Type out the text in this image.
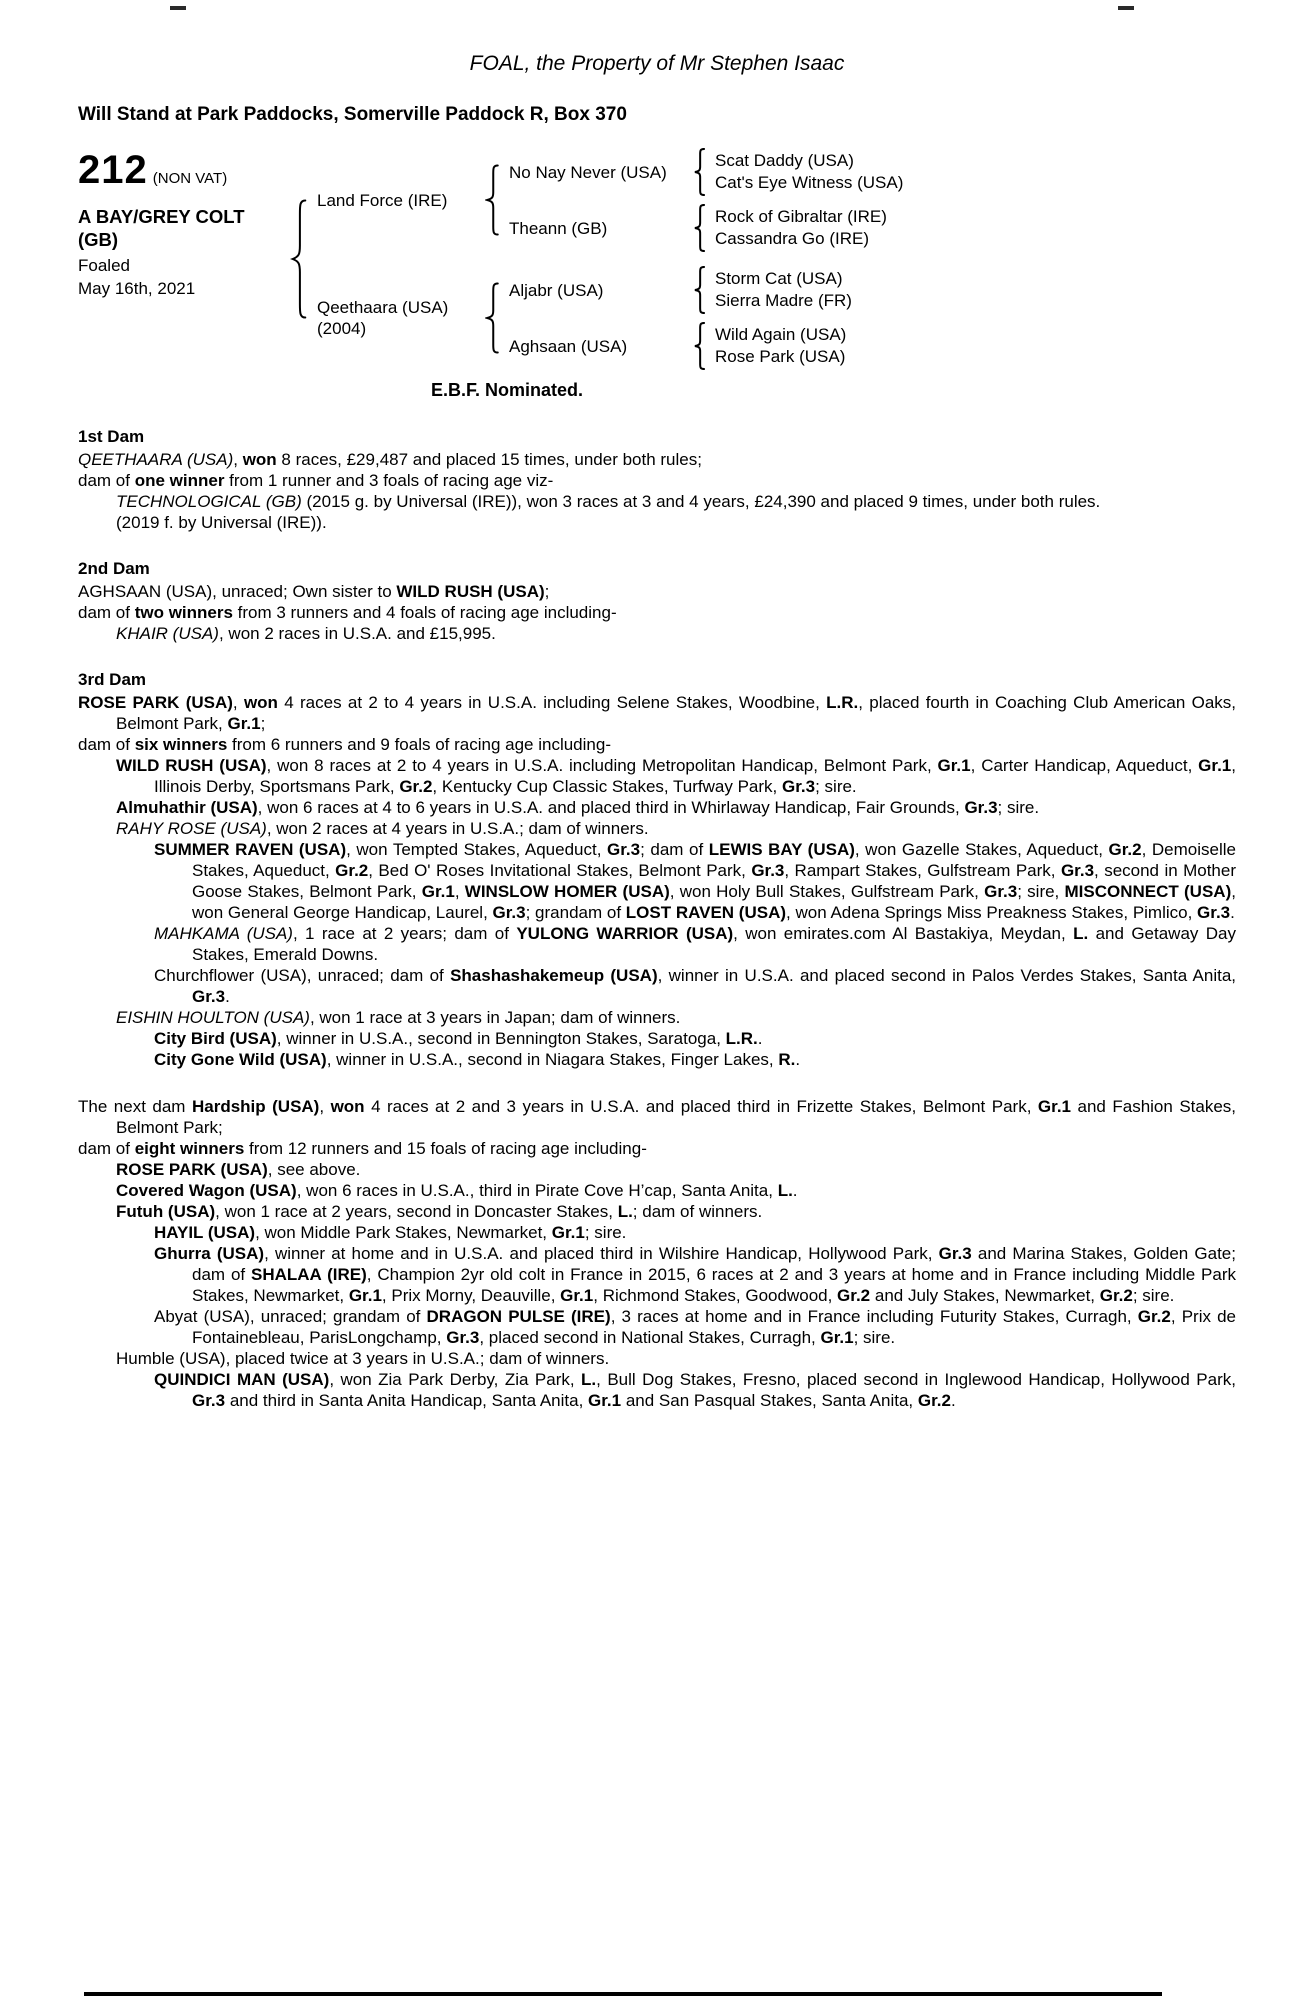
FOAL, the Property of Mr Stephen Isaac
Will Stand at Park Paddocks, Somerville Paddock R, Box 370
212 (NON VAT)
A BAY/GREY COLT
(GB)
Foaled
May 16th, 2021
Land Force (IRE)
No Nay Never (USA)
Scat Daddy (USA)
Cat's Eye Witness (USA)
Theann (GB)
Rock of Gibraltar (IRE)
Cassandra Go (IRE)
Qeethaara (USA)
(2004)
Aljabr (USA)
Storm Cat (USA)
Sierra Madre (FR)
Aghsaan (USA)
Wild Again (USA)
Rose Park (USA)
E.B.F. Nominated.
1st Dam

QEETHAARA (USA), won 8 races, £29,487 and placed 15 times, under both rules;

dam of one winner from 1 runner and 3 foals of racing age viz-

TECHNOLOGICAL (GB) (2015 g. by Universal (IRE)), won 3 races at 3 and 4 years, £24,390 and placed 9 times, under both rules.

(2019 f. by Universal (IRE)).

2nd Dam

AGHSAAN (USA), unraced; Own sister to WILD RUSH (USA);

dam of two winners from 3 runners and 4 foals of racing age including-

KHAIR (USA), won 2 races in U.S.A. and £15,995.

3rd Dam

ROSE PARK (USA), won 4 races at 2 to 4 years in U.S.A. including Selene Stakes, Woodbine, L.R., placed fourth in Coaching Club American Oaks, Belmont Park, Gr.1;

dam of six winners from 6 runners and 9 foals of racing age including-

WILD RUSH (USA), won 8 races at 2 to 4 years in U.S.A. including Metropolitan Handicap, Belmont Park, Gr.1, Carter Handicap, Aqueduct, Gr.1, Illinois Derby, Sportsmans Park, Gr.2, Kentucky Cup Classic Stakes, Turfway Park, Gr.3; sire.

Almuhathir (USA), won 6 races at 4 to 6 years in U.S.A. and placed third in Whirlaway Handicap, Fair Grounds, Gr.3; sire.

RAHY ROSE (USA), won 2 races at 4 years in U.S.A.; dam of winners.

SUMMER RAVEN (USA), won Tempted Stakes, Aqueduct, Gr.3; dam of LEWIS BAY (USA), won Gazelle Stakes, Aqueduct, Gr.2, Demoiselle Stakes, Aqueduct, Gr.2, Bed O' Roses Invitational Stakes, Belmont Park, Gr.3, Rampart Stakes, Gulfstream Park, Gr.3, second in Mother Goose Stakes, Belmont Park, Gr.1, WINSLOW HOMER (USA), won Holy Bull Stakes, Gulfstream Park, Gr.3; sire, MISCONNECT (USA), won General George Handicap, Laurel, Gr.3; grandam of LOST RAVEN (USA), won Adena Springs Miss Preakness Stakes, Pimlico, Gr.3.

MAHKAMA (USA), 1 race at 2 years; dam of YULONG WARRIOR (USA), won emirates.com Al Bastakiya, Meydan, L. and Getaway Day Stakes, Emerald Downs.

Churchflower (USA), unraced; dam of Shashashakemeup (USA), winner in U.S.A. and placed second in Palos Verdes Stakes, Santa Anita, Gr.3.

EISHIN HOULTON (USA), won 1 race at 3 years in Japan; dam of winners.

City Bird (USA), winner in U.S.A., second in Bennington Stakes, Saratoga, L.R..

City Gone Wild (USA), winner in U.S.A., second in Niagara Stakes, Finger Lakes, R..

The next dam Hardship (USA), won 4 races at 2 and 3 years in U.S.A. and placed third in Frizette Stakes, Belmont Park, Gr.1 and Fashion Stakes, Belmont Park;

dam of eight winners from 12 runners and 15 foals of racing age including-

ROSE PARK (USA), see above.

Covered Wagon (USA), won 6 races in U.S.A., third in Pirate Cove H’cap, Santa Anita, L..

Futuh (USA), won 1 race at 2 years, second in Doncaster Stakes, L.; dam of winners.

HAYIL (USA), won Middle Park Stakes, Newmarket, Gr.1; sire.

Ghurra (USA), winner at home and in U.S.A. and placed third in Wilshire Handicap, Hollywood Park, Gr.3 and Marina Stakes, Golden Gate; dam of SHALAA (IRE), Champion 2yr old colt in France in 2015, 6 races at 2 and 3 years at home and in France including Middle Park Stakes, Newmarket, Gr.1, Prix Morny, Deauville, Gr.1, Richmond Stakes, Goodwood, Gr.2 and July Stakes, Newmarket, Gr.2; sire.

Abyat (USA), unraced; grandam of DRAGON PULSE (IRE), 3 races at home and in France including Futurity Stakes, Curragh, Gr.2, Prix de Fontainebleau, ParisLongchamp, Gr.3, placed second in National Stakes, Curragh, Gr.1; sire.

Humble (USA), placed twice at 3 years in U.S.A.; dam of winners.

QUINDICI MAN (USA), won Zia Park Derby, Zia Park, L., Bull Dog Stakes, Fresno, placed second in Inglewood Handicap, Hollywood Park, Gr.3 and third in Santa Anita Handicap, Santa Anita, Gr.1 and San Pasqual Stakes, Santa Anita, Gr.2.
